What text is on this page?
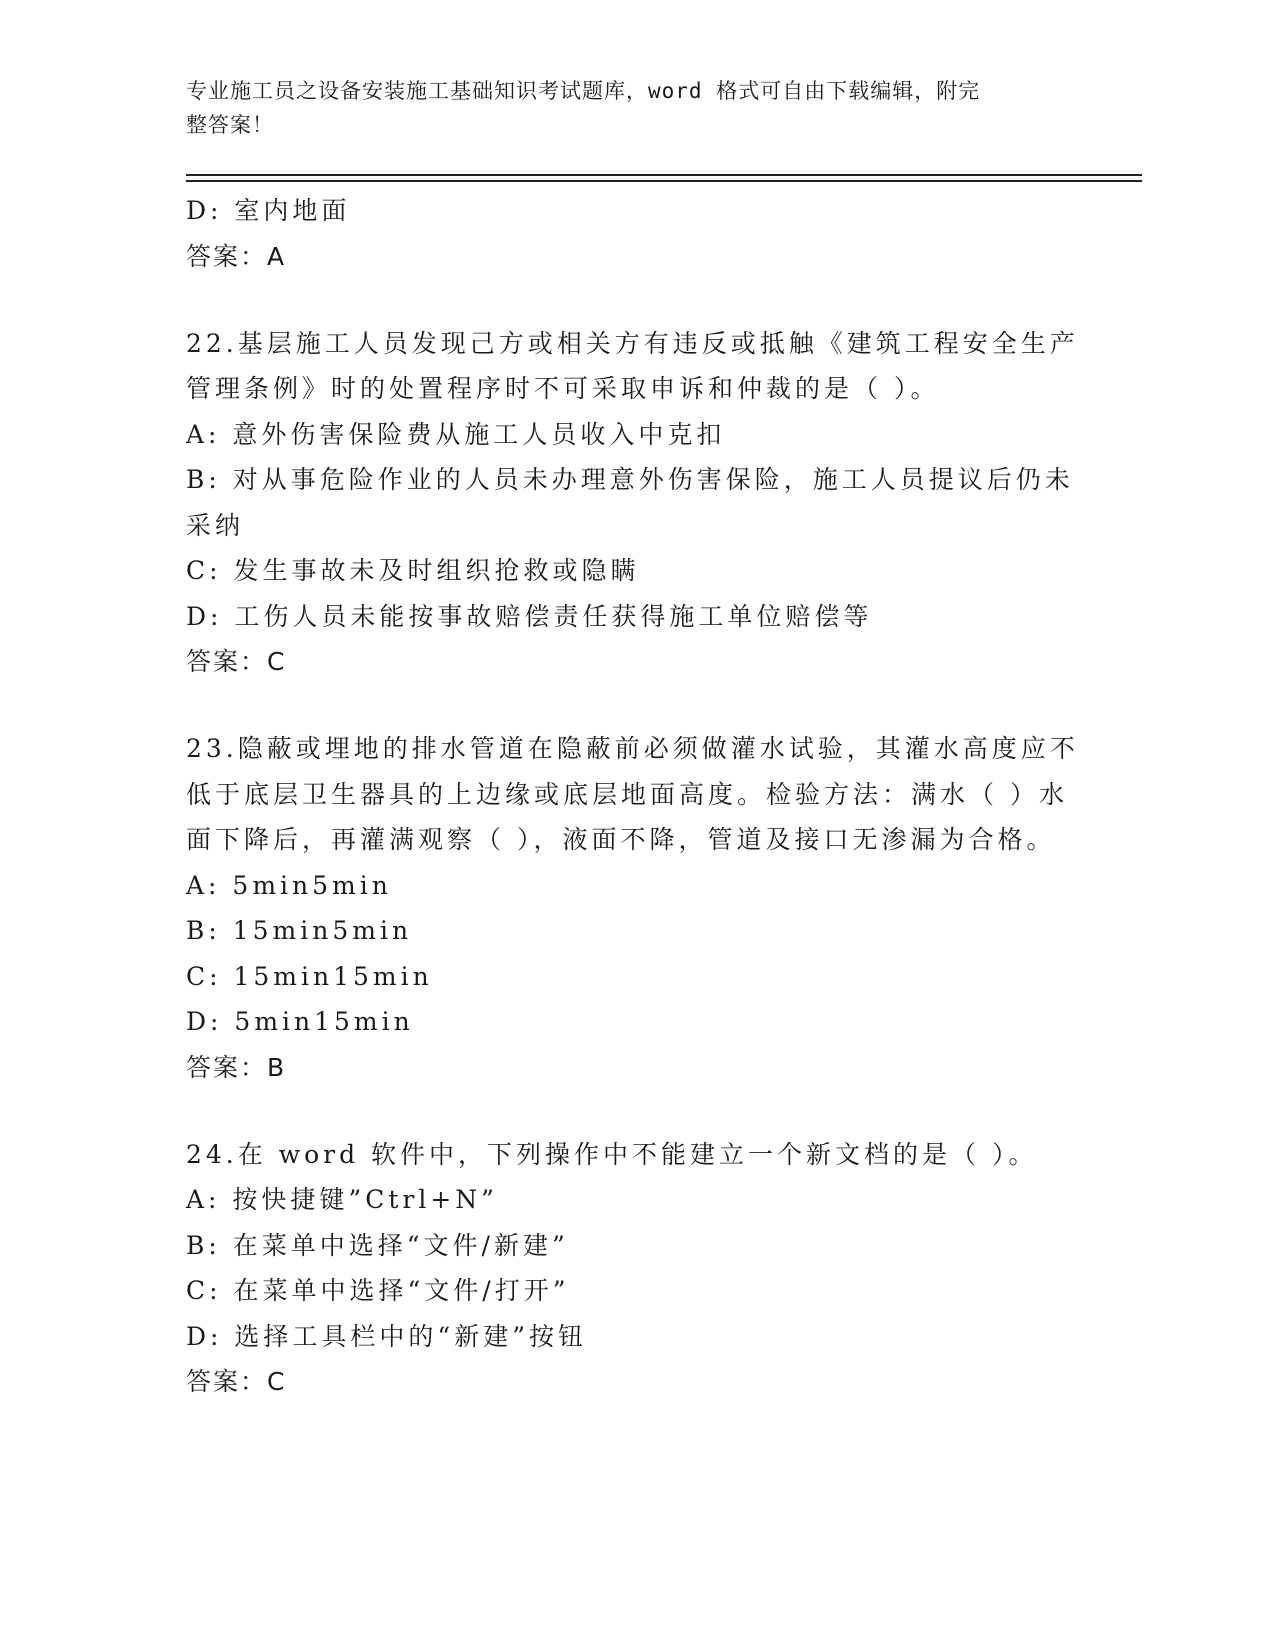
专业施工员之设备安装施工基础知识考试题库，word 格式可自由下载编辑，附完
整答案！
D: 室内地面
答案：A
22.基层施工人员发现己方或相关方有违反或抵触《建筑工程安全生产
管理条例》时的处置程序时不可采取申诉和仲裁的是（ ）。
A: 意外伤害保险费从施工人员收入中克扣
B: 对从事危险作业的人员未办理意外伤害保险，施工人员提议后仍未
采纳
C: 发生事故未及时组织抢救或隐瞒
D: 工伤人员未能按事故赔偿责任获得施工单位赔偿等
答案：C
23.隐蔽或埋地的排水管道在隐蔽前必须做灌水试验，其灌水高度应不
低于底层卫生器具的上边缘或底层地面高度。检验方法：满水（ ）水
面下降后，再灌满观察（ ），液面不降，管道及接口无渗漏为合格。
A: 5min5min
B: 15min5min
C: 15min15min
D: 5min15min
答案：B
24.在 word 软件中，下列操作中不能建立一个新文档的是（ ）。
A: 按快捷键”Ctrl+N”
B: 在菜单中选择“文件/新建”
C: 在菜单中选择“文件/打开”
D: 选择工具栏中的“新建”按钮
答案：C
